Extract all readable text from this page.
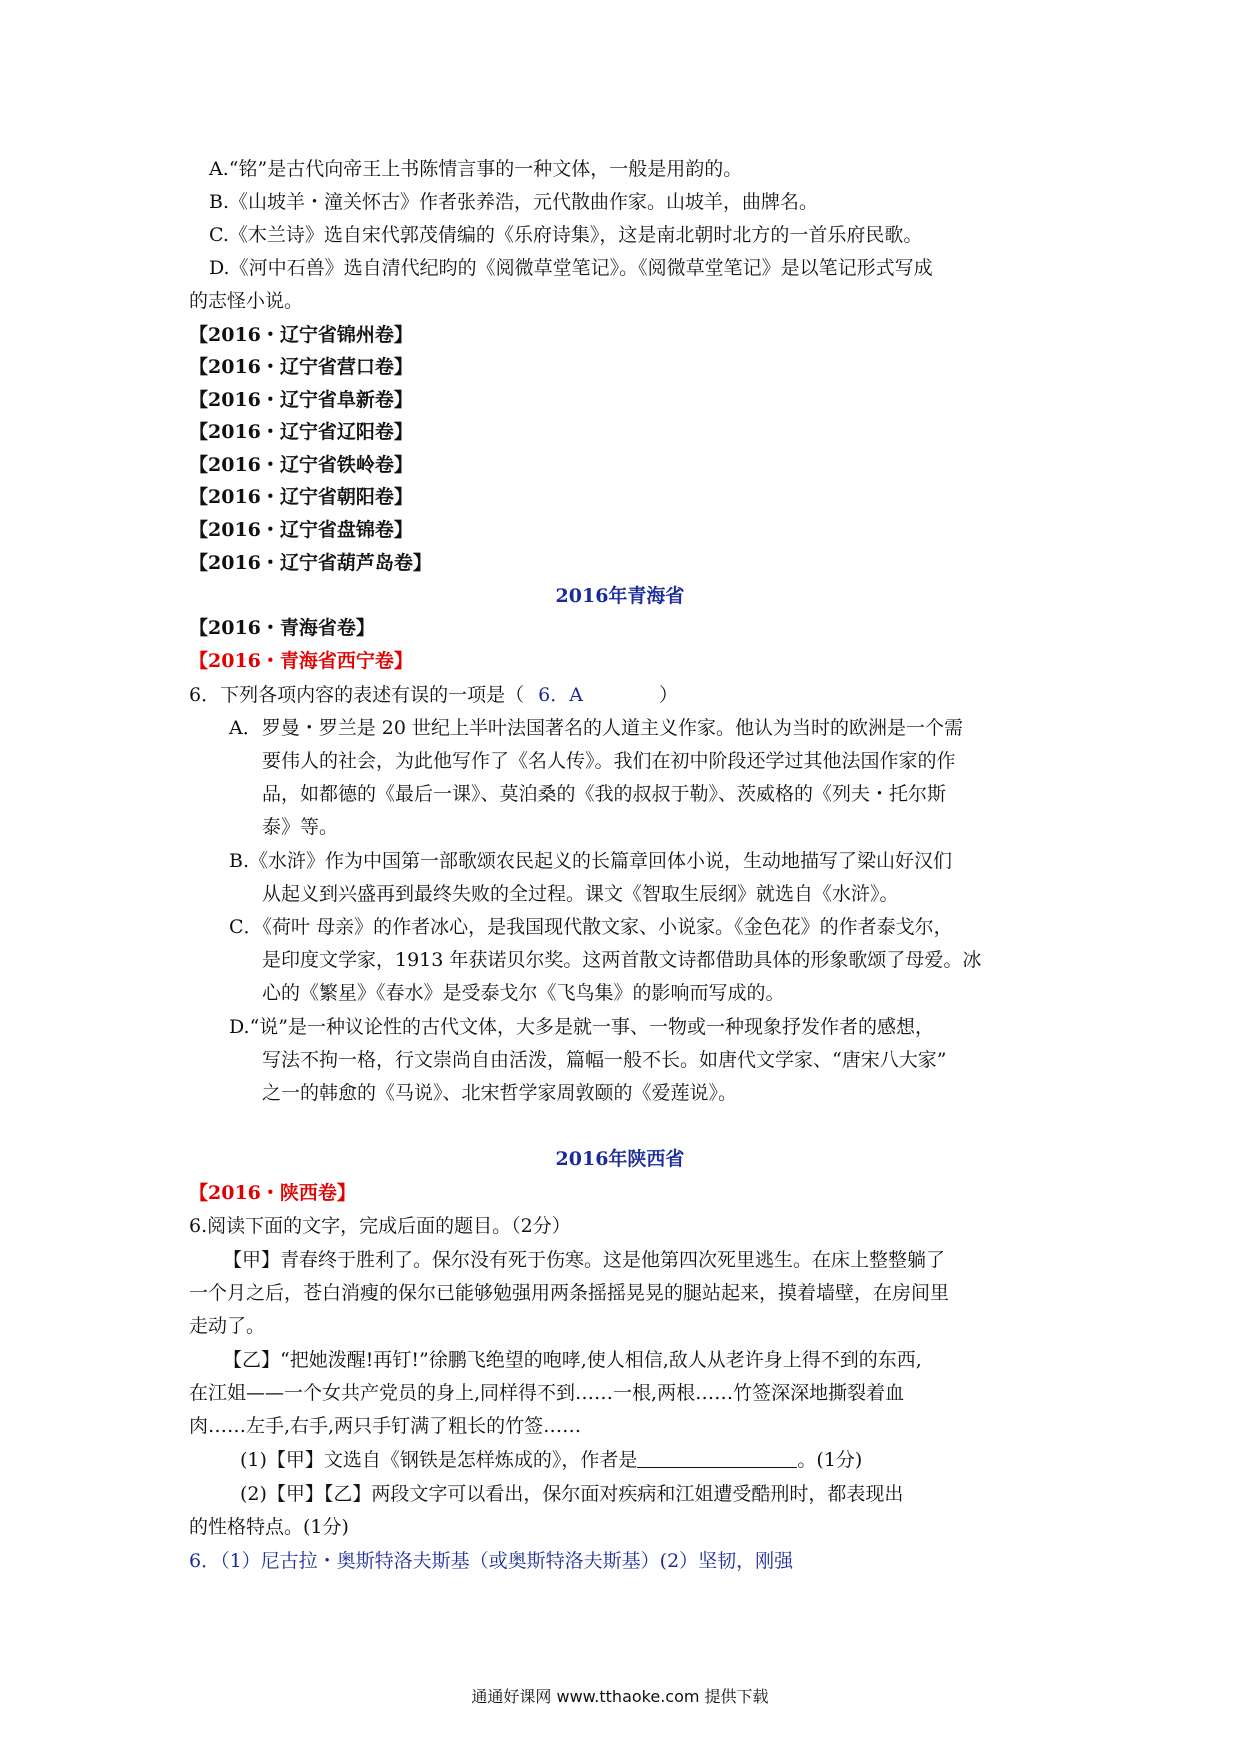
A.“铭”是古代向帝王上书陈情言事的一种文体，一般是用韵的。
B.《山坡羊・潼关怀古》作者张养浩，元代散曲作家。山坡羊，曲牌名。
C.《木兰诗》选自宋代郭茂倩编的《乐府诗集》，这是南北朝时北方的一首乐府民歌。
D.《河中石兽》选自清代纪昀的《阅微草堂笔记》。《阅微草堂笔记》是以笔记形式写成
的志怪小说。
【2016・辽宁省锦州卷】
【2016・辽宁省营口卷】
【2016・辽宁省阜新卷】
【2016・辽宁省辽阳卷】
【2016・辽宁省铁岭卷】
【2016・辽宁省朝阳卷】
【2016・辽宁省盘锦卷】
【2016・辽宁省葫芦岛卷】
2016年青海省
【2016・青海省卷】
【2016・青海省西宁卷】
6．下列各项内容的表述有误的一项是（ 6．A	）
A．罗曼・罗兰是 20 世纪上半叶法国著名的人道主义作家。他认为当时的欧洲是一个需
要伟人的社会，为此他写作了《名人传》。我们在初中阶段还学过其他法国作家的作
品，如都德的《最后一课》、莫泊桑的《我的叔叔于勒》、茨威格的《列夫・托尔斯
泰》等。
B.《水浒》作为中国第一部歌颂农民起义的长篇章回体小说，生动地描写了梁山好汉们
从起义到兴盛再到最终失败的全过程。课文《智取生辰纲》就选自《水浒》。
C．《荷叶 母亲》的作者冰心，是我国现代散文家、小说家。《金色花》的作者泰戈尔，
是印度文学家，1913 年获诺贝尔奖。这两首散文诗都借助具体的形象歌颂了母爱。冰
心的《繁星》《春水》是受泰戈尔《飞鸟集》的影响而写成的。
D.“说”是一种议论性的古代文体，大多是就一事、一物或一种现象抒发作者的感想，
写法不拘一格，行文崇尚自由活泼，篇幅一般不长。如唐代文学家、“唐宋八大家”
之一的韩愈的《马说》、北宋哲学家周敦颐的《爱莲说》。
2016年陕西省
【2016・陕西卷】
6.阅读下面的文字，完成后面的题目。（2分）
【甲】青春终于胜利了。保尔没有死于伤寒。这是他第四次死里逃生。在床上整整躺了
一个月之后，苍白消瘦的保尔已能够勉强用两条摇摇晃晃的腿站起来，摸着墙壁，在房间里
走动了。
【乙】“把她泼醒!再钉!”徐鹏飞绝望的咆哮,使人相信,敌人从老许身上得不到的东西,
在江姐——一个女共产党员的身上,同样得不到……一根,两根……竹签深深地撕裂着血
肉……左手,右手,两只手钉满了粗长的竹签……
(1)【甲】文选自《钢铁是怎样炼成的》，作者是	。(1分)
(2)【甲】【乙】两段文字可以看出，保尔面对疾病和江姐遭受酷刑时，都表现出
的性格特点。(1分)
6．（1）尼古拉・奥斯特洛夫斯基（或奥斯特洛夫斯基）(2）坚韧，刚强
通通好课网 www.tthaoke.com 提供下载
